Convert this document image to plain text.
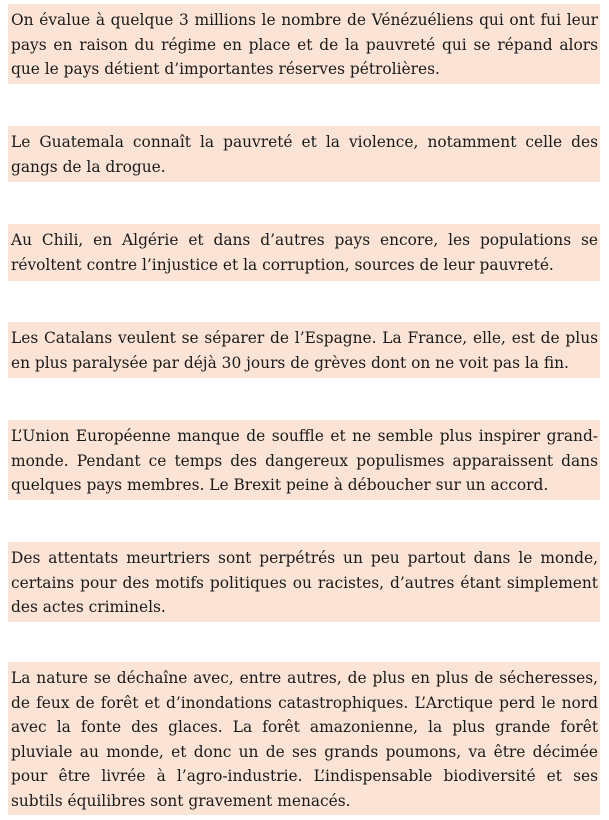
On évalue à quelque 3 millions le nombre de Vénézuéliens qui ont fui leur pays en raison du régime en place et de la pauvreté qui se répand alors que le pays détient d’importantes réserves pétrolières.
Le Guatemala connaît la pauvreté et la violence, notamment celle des gangs de la drogue.
Au Chili, en Algérie et dans d’autres pays encore, les populations se révoltent contre l’injustice et la corruption, sources de leur pauvreté.
Les Catalans veulent se séparer de l’Espagne. La France, elle, est de plus en plus paralysée par déjà 30 jours de grèves dont on ne voit pas la fin.
L’Union Européenne manque de souffle et ne semble plus inspirer grand-monde. Pendant ce temps des dangereux populismes apparaissent dans quelques pays membres. Le Brexit peine à déboucher sur un accord.
Des attentats meurtriers sont perpétrés un peu partout dans le monde, certains pour des motifs politiques ou racistes, d’autres étant simplement des actes criminels.
La nature se déchaîne avec, entre autres, de plus en plus de sécheresses, de feux de forêt et d’inondations catastrophiques. L’Arctique perd le nord avec la fonte des glaces. La forêt amazonienne, la plus grande forêt pluviale au monde, et donc un de ses grands poumons, va être décimée pour être livrée à l’agro-industrie. L’indispensable biodiversité et ses subtils équilibres sont gravement menacés.
